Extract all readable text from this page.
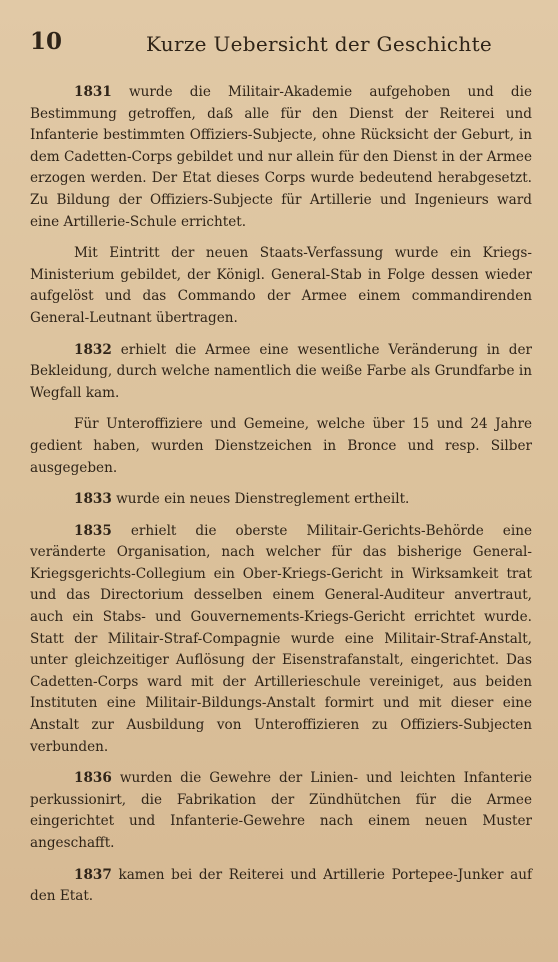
10	Kurze Uebersicht der Geschichte

1831 wurde die Militair-Akademie aufgehoben und die Bestimmung getroffen, daß alle für den Dienst der Reiterei und Infanterie bestimmten Offiziers-Subjecte, ohne Rücksicht der Geburt, in dem Cadetten-Corps gebildet und nur allein für den Dienst in der Armee erzogen werden. Der Etat dieses Corps wurde bedeutend herabgesetzt. Zu Bildung der Offiziers-Subjecte für Artillerie und Ingenieurs ward eine Artillerie-Schule errichtet.

Mit Eintritt der neuen Staats-Verfassung wurde ein Kriegs-Ministerium gebildet, der Königl. General-Stab in Folge dessen wieder aufgelöst und das Commando der Armee einem commandirenden General-Leutnant übertragen.

1832 erhielt die Armee eine wesentliche Veränderung in der Bekleidung, durch welche namentlich die weiße Farbe als Grundfarbe in Wegfall kam.

Für Unteroffiziere und Gemeine, welche über 15 und 24 Jahre gedient haben, wurden Dienstzeichen in Bronce und resp. Silber ausgegeben.

1833 wurde ein neues Dienstreglement ertheilt.

1835 erhielt die oberste Militair-Gerichts-Behörde eine veränderte Organisation, nach welcher für das bisherige General-Kriegsgerichts-Collegium ein Ober-Kriegs-Gericht in Wirksamkeit trat und das Directorium desselben einem General-Auditeur anvertraut, auch ein Stabs- und Gouvernements-Kriegs-Gericht errichtet wurde. Statt der Militair-Straf-Compagnie wurde eine Militair-Straf-Anstalt, unter gleichzeitiger Auflösung der Eisenstrafanstalt, eingerichtet. Das Cadetten-Corps ward mit der Artillerieschule vereiniget, aus beiden Instituten eine Militair-Bildungs-Anstalt formirt und mit dieser eine Anstalt zur Ausbildung von Unteroffizieren zu Offiziers-Subjecten verbunden.

1836 wurden die Gewehre der Linien- und leichten Infanterie perkussionirt, die Fabrikation der Zündhütchen für die Armee eingerichtet und Infanterie-Gewehre nach einem neuen Muster angeschafft.

1837 kamen bei der Reiterei und Artillerie Portepee-Junker auf den Etat.
